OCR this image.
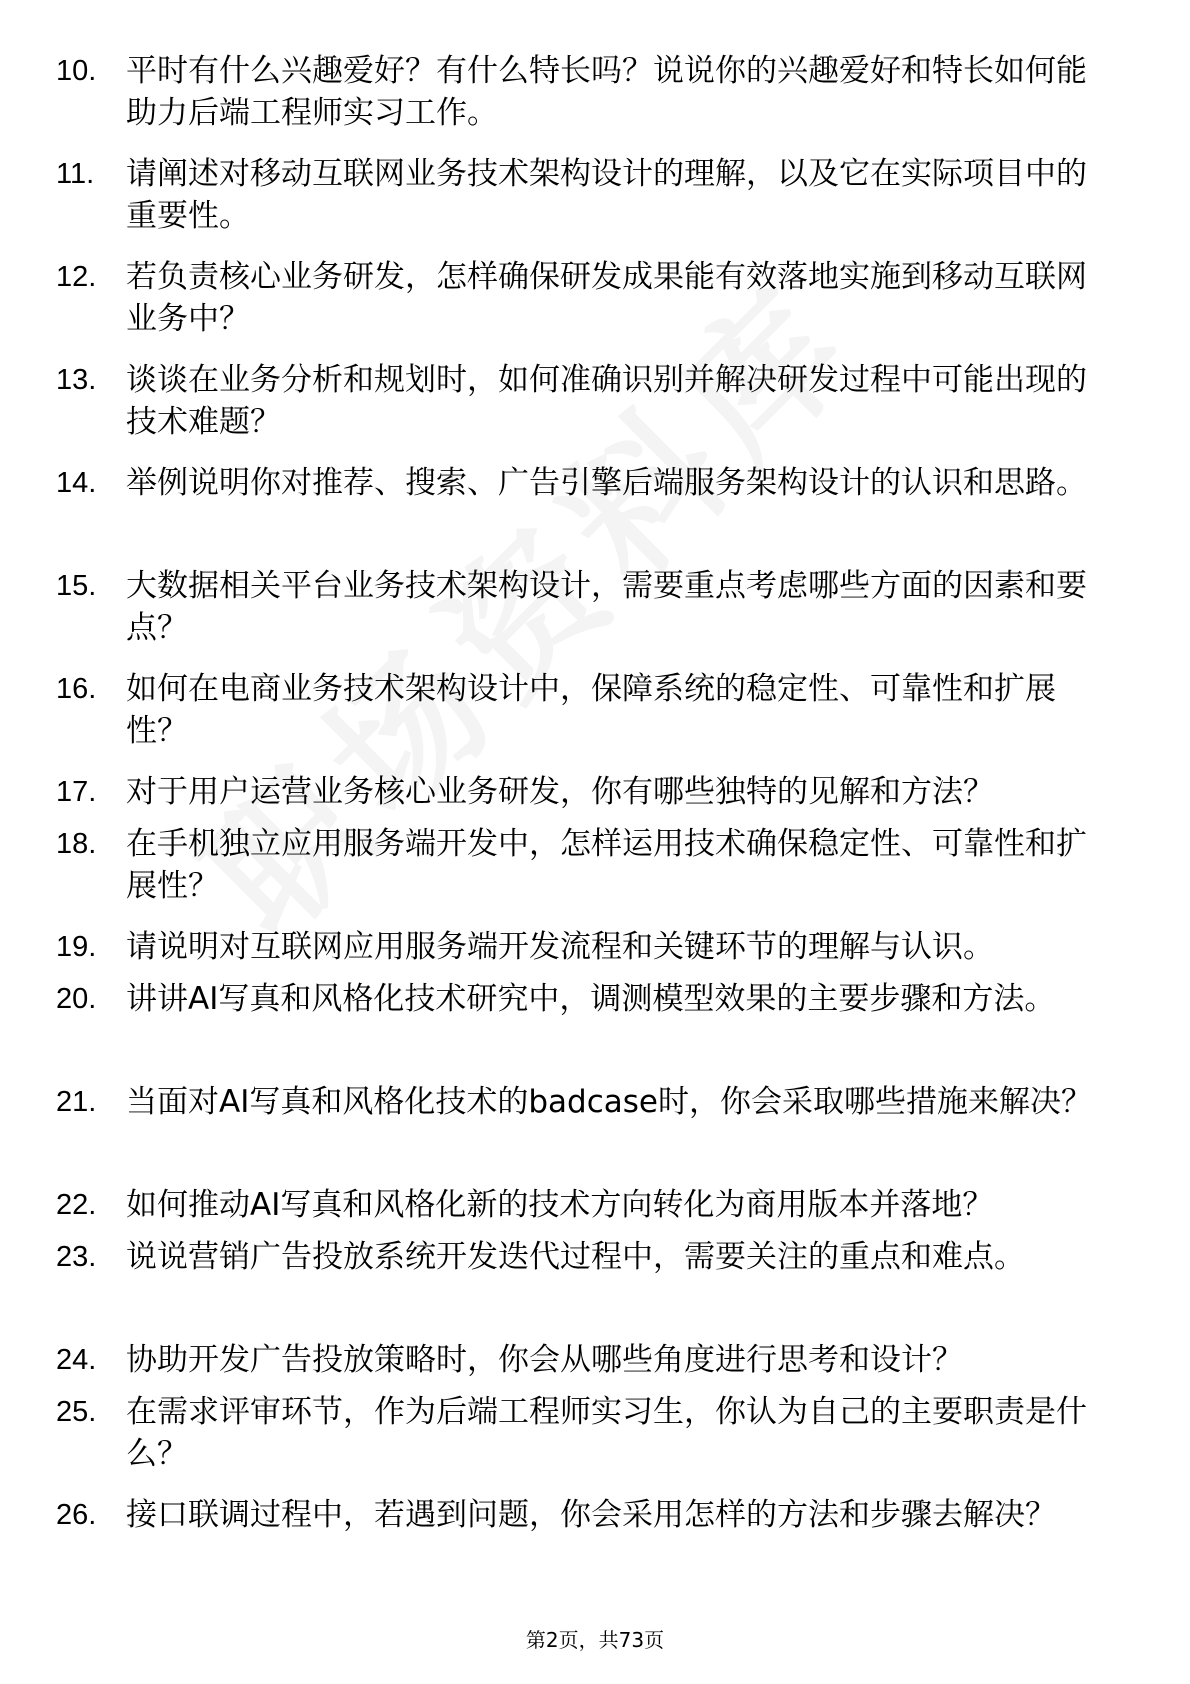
10. 平时有什么兴趣爱好？有什么特长吗？说说你的兴趣爱好和特长如何能助力后端工程师实习工作。
11.	请阐述对移动互联网业务技术架构设计的理解，以及它在实际项目中的重要性。
12. 若负责核心业务研发，怎样确保研发成果能有效落地实施到移动互联网业务中？
13. 谈谈在业务分析和规划时，如何准确识别并解决研发过程中可能出现的技术难题？
14. 举例说明你对推荐、搜索、广告引擎后端服务架构设计的认识和思路。
15. 大数据相关平台业务技术架构设计，需要重点考虑哪些方面的因素和要点？
16. 如何在电商业务技术架构设计中，保障系统的稳定性、可靠性和扩展性？
17. 对于用户运营业务核心业务研发，你有哪些独特的见解和方法？
18. 在手机独立应用服务端开发中，怎样运用技术确保稳定性、可靠性和扩展性？
19. 请说明对互联网应用服务端开发流程和关键环节的理解与认识。
20. 讲讲AI写真和风格化技术研究中，调测模型效果的主要步骤和方法。
21. 当面对AI写真和风格化技术的badcase时，你会采取哪些措施来解决？
22. 如何推动AI写真和风格化新的技术方向转化为商用版本并落地？
23. 说说营销广告投放系统开发迭代过程中，需要关注的重点和难点。
24. 协助开发广告投放策略时，你会从哪些角度进行思考和设计？
25. 在需求评审环节，作为后端工程师实习生，你认为自己的主要职责是什么？
26. 接口联调过程中，若遇到问题，你会采用怎样的方法和步骤去解决？
第2页，共73页
